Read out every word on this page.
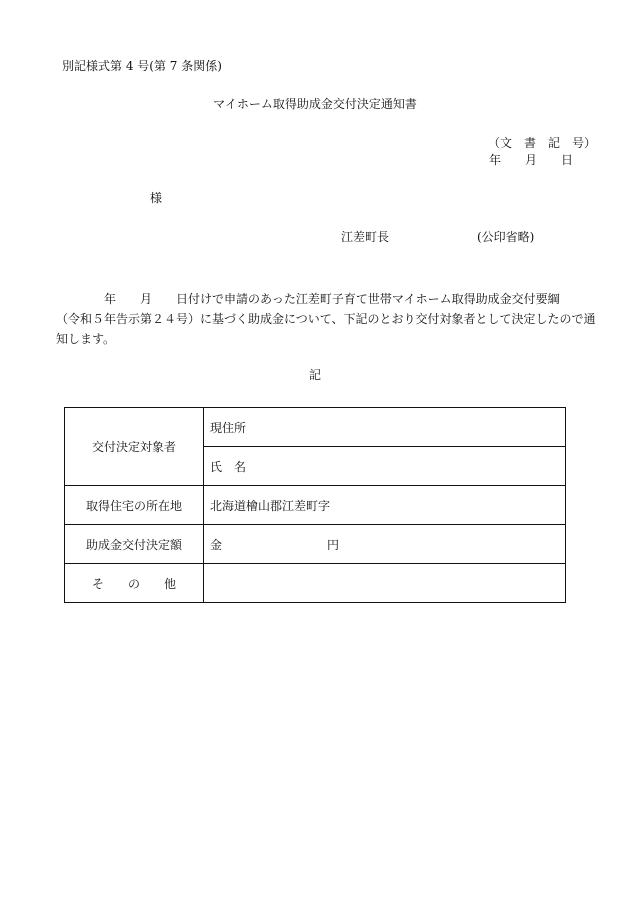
別記様式第 4 号(第 7 条関係)
マイホーム取得助成金交付決定通知書
（文　書　記　号）
年　　月　　日
様
江差町長	(公印省略)
　　　　年　　月　　日付けで申請のあった江差町子育て世帯マイホーム取得助成金交付要綱
（令和５年告示第２４号）に基づく助成金について、下記のとおり交付対象者として決定したので通
知します。
記
交付決定対象者	現住所
	氏　名
取得住宅の所在地	北海道檜山郡江差町字
助成金交付決定額	金 円
そ　　の　　他	
